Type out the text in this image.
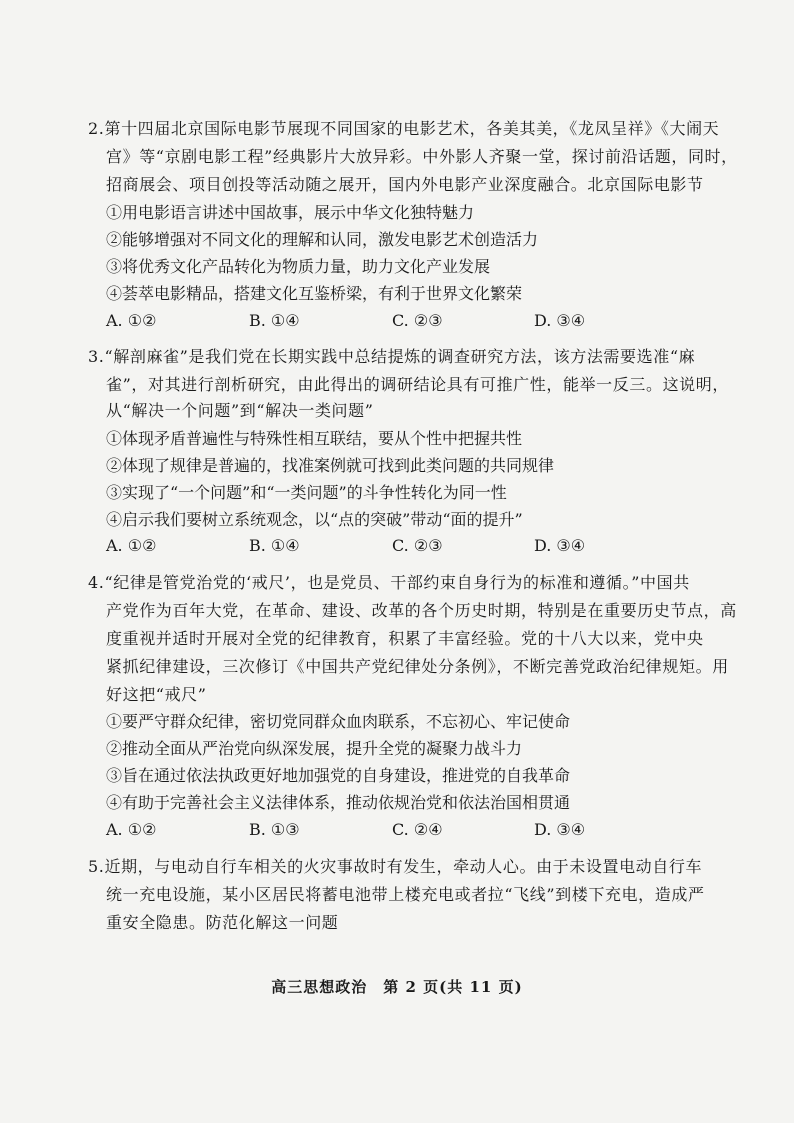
2.第十四届北京国际电影节展现不同国家的电影艺术，各美其美，《龙凤呈祥》《大闹天
宫》等“京剧电影工程”经典影片大放异彩。中外影人齐聚一堂，探讨前沿话题，同时，
招商展会、项目创投等活动随之展开，国内外电影产业深度融合。北京国际电影节
①用电影语言讲述中国故事，展示中华文化独特魅力
②能够增强对不同文化的理解和认同，激发电影艺术创造活力
③将优秀文化产品转化为物质力量，助力文化产业发展
④荟萃电影精品，搭建文化互鉴桥梁，有利于世界文化繁荣
A. ①②	B. ①④	C. ②③	D. ③④
3.“解剖麻雀”是我们党在长期实践中总结提炼的调查研究方法，该方法需要选准“麻
雀”，对其进行剖析研究，由此得出的调研结论具有可推广性，能举一反三。这说明，
从“解决一个问题”到“解决一类问题”
①体现矛盾普遍性与特殊性相互联结，要从个性中把握共性
②体现了规律是普遍的，找准案例就可找到此类问题的共同规律
③实现了“一个问题”和“一类问题”的斗争性转化为同一性
④启示我们要树立系统观念，以“点的突破”带动“面的提升”
A. ①②	B. ①④	C. ②③	D. ③④
4.“纪律是管党治党的‘戒尺’，也是党员、干部约束自身行为的标准和遵循。”中国共
产党作为百年大党，在革命、建设、改革的各个历史时期，特别是在重要历史节点，高
度重视并适时开展对全党的纪律教育，积累了丰富经验。党的十八大以来，党中央
紧抓纪律建设，三次修订《中国共产党纪律处分条例》，不断完善党政治纪律规矩。用
好这把“戒尺”
①要严守群众纪律，密切党同群众血肉联系，不忘初心、牢记使命
②推动全面从严治党向纵深发展，提升全党的凝聚力战斗力
③旨在通过依法执政更好地加强党的自身建设，推进党的自我革命
④有助于完善社会主义法律体系，推动依规治党和依法治国相贯通
A. ①②	B. ①③	C. ②④	D. ③④
5.近期，与电动自行车相关的火灾事故时有发生，牵动人心。由于未设置电动自行车
统一充电设施，某小区居民将蓄电池带上楼充电或者拉“飞线”到楼下充电，造成严
重安全隐患。防范化解这一问题
高三思想政治　第 2 页(共 11 页)
